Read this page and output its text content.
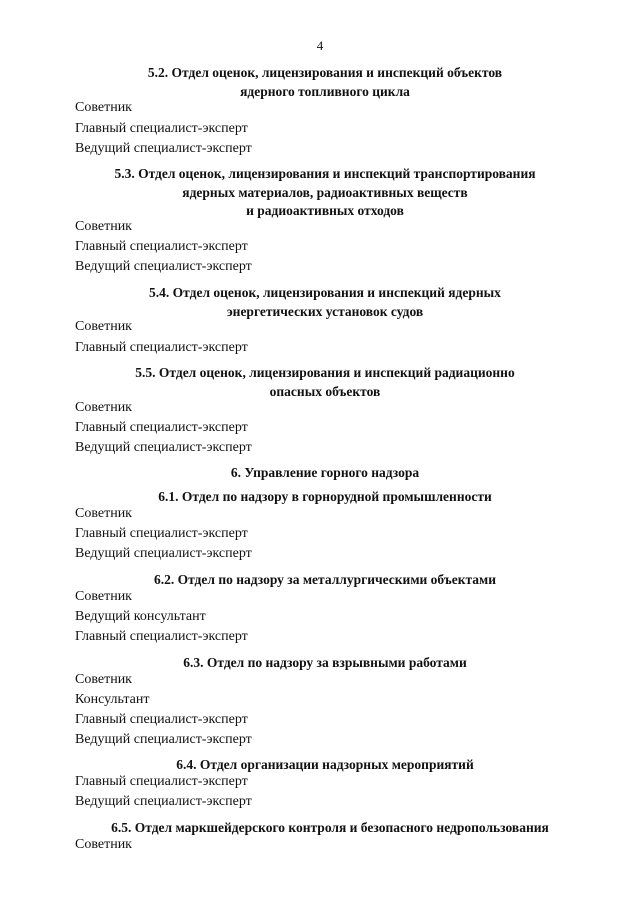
4
5.2. Отдел оценок, лицензирования и инспекций объектов
ядерного топливного цикла
Советник
Главный специалист-эксперт
Ведущий специалист-эксперт
5.3. Отдел оценок, лицензирования и инспекций транспортирования
ядерных материалов, радиоактивных веществ
и радиоактивных отходов
Советник
Главный специалист-эксперт
Ведущий специалист-эксперт
5.4. Отдел оценок, лицензирования и инспекций ядерных
энергетических установок судов
Советник
Главный специалист-эксперт
5.5. Отдел оценок, лицензирования и инспекций радиационно
опасных объектов
Советник
Главный специалист-эксперт
Ведущий специалист-эксперт
6. Управление горного надзора
6.1. Отдел по надзору в горнорудной промышленности
Советник
Главный специалист-эксперт
Ведущий специалист-эксперт
6.2. Отдел по надзору за металлургическими объектами
Советник
Ведущий консультант
Главный специалист-эксперт
6.3. Отдел по надзору за взрывными работами
Советник
Консультант
Главный специалист-эксперт
Ведущий специалист-эксперт
6.4. Отдел организации надзорных мероприятий
Главный специалист-эксперт
Ведущий специалист-эксперт
6.5. Отдел маркшейдерского контроля и безопасного недропользования
Советник
